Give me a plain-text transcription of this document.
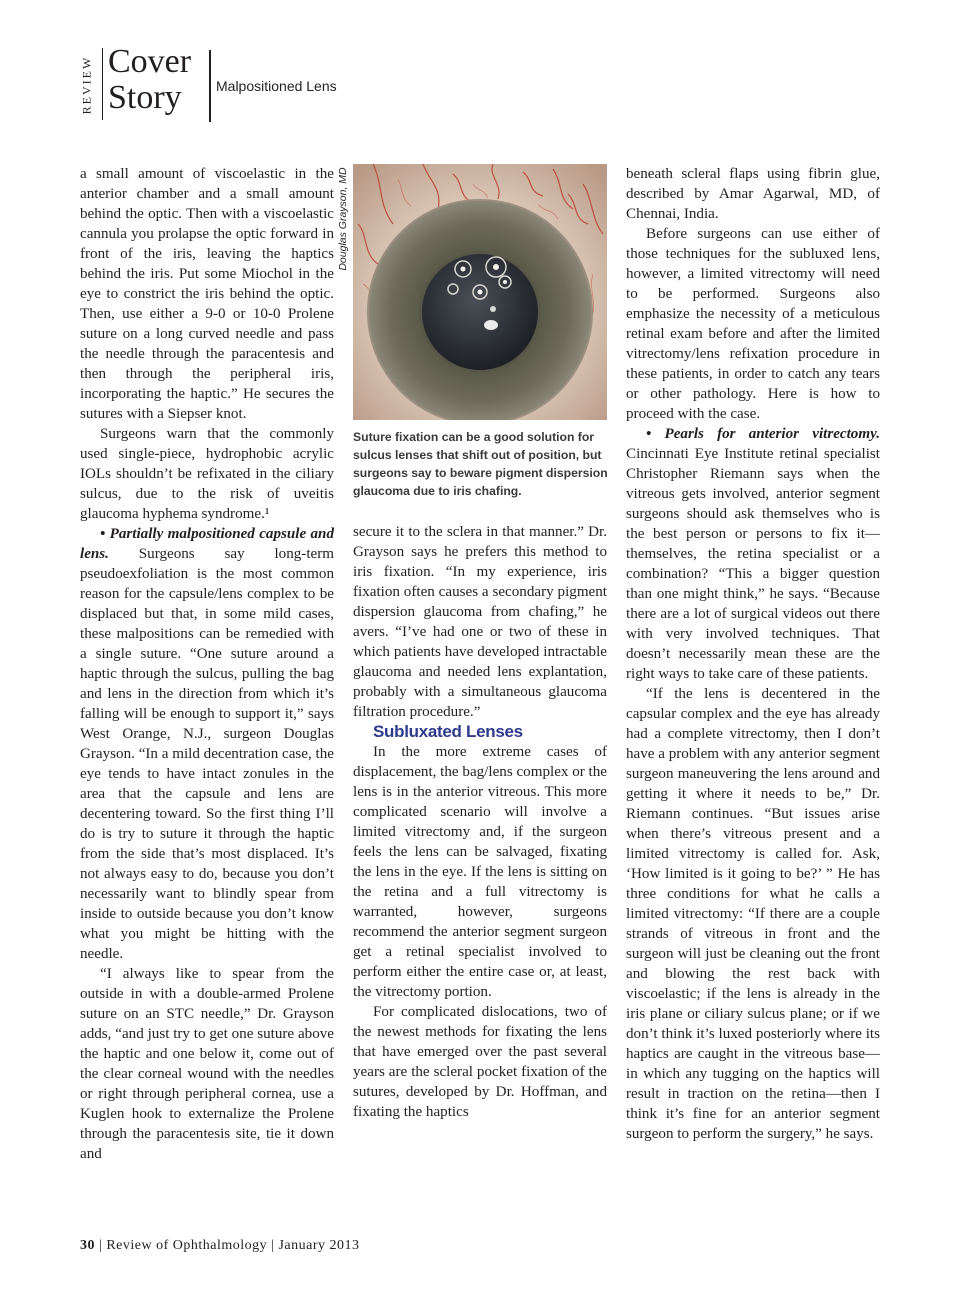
REVIEW Cover
Story	Malpositioned Lens

a small amount of viscoelastic in the anterior chamber and a small amount behind the optic. Then with a viscoelastic cannula you prolapse the optic forward in front of the iris, leaving the haptics behind the iris. Put some Miochol in the eye to constrict the iris behind the optic. Then, use either a 9-0 or 10-0 Prolene suture on a long curved needle and pass the needle through the paracentesis and then through the peripheral iris, incorporating the haptic.” He secures the sutures with a Siepser knot.

Surgeons warn that the commonly used single-piece, hydrophobic acrylic IOLs shouldn’t be refixated in the ciliary sulcus, due to the risk of uveitis glaucoma hyphema syndrome.¹

• Partially malpositioned capsule and lens. Surgeons say long-term pseudoexfoliation is the most common reason for the capsule/lens complex to be displaced but that, in some mild cases, these malpositions can be remedied with a single suture. “One suture around a haptic through the sulcus, pulling the bag and lens in the direction from which it’s falling will be enough to support it,” says West Orange, N.J., surgeon Douglas Grayson. “In a mild decentration case, the eye tends to have intact zonules in the area that the capsule and lens are decentering toward. So the first thing I’ll do is try to suture it through the haptic from the side that’s most displaced. It’s not always easy to do, because you don’t necessarily want to blindly spear from inside to outside because you don’t know what you might be hitting with the needle.

“I always like to spear from the outside in with a double-armed Prolene suture on an STC needle,” Dr. Grayson adds, “and just try to get one suture above the haptic and one below it, come out of the clear corneal wound with the needles or right through peripheral cornea, use a Kuglen hook to externalize the Prolene through the paracentesis site, tie it down and

Douglas Grayson, MD
Suture fixation can be a good solution for sulcus lenses that shift out of position, but surgeons say to beware pigment dispersion glaucoma due to iris chafing.

secure it to the sclera in that manner.” Dr. Grayson says he prefers this method to iris fixation. “In my experience, iris fixation often causes a secondary pigment dispersion glaucoma from chafing,” he avers. “I’ve had one or two of these in which patients have developed intractable glaucoma and needed lens explantation, probably with a simultaneous glaucoma filtration procedure.”

Subluxated Lenses

In the more extreme cases of displacement, the bag/lens complex or the lens is in the anterior vitreous. This more complicated scenario will involve a limited vitrectomy and, if the surgeon feels the lens can be salvaged, fixating the lens in the eye. If the lens is sitting on the retina and a full vitrectomy is warranted, however, surgeons recommend the anterior segment surgeon get a retinal specialist involved to perform either the entire case or, at least, the vitrectomy portion.

For complicated dislocations, two of the newest methods for fixating the lens that have emerged over the past several years are the scleral pocket fixation of the sutures, developed by Dr. Hoffman, and fixating the haptics

beneath scleral flaps using fibrin glue, described by Amar Agarwal, MD, of Chennai, India.

Before surgeons can use either of those techniques for the subluxed lens, however, a limited vitrectomy will need to be performed. Surgeons also emphasize the necessity of a meticulous retinal exam before and after the limited vitrectomy/lens refixation procedure in these patients, in order to catch any tears or other pathology. Here is how to proceed with the case.

• Pearls for anterior vitrectomy. Cincinnati Eye Institute retinal specialist Christopher Riemann says when the vitreous gets involved, anterior segment surgeons should ask themselves who is the best person or persons to fix it—themselves, the retina specialist or a combination? “This a bigger question than one might think,” he says. “Because there are a lot of surgical videos out there with very involved techniques. That doesn’t necessarily mean these are the right ways to take care of these patients.

“If the lens is decentered in the capsular complex and the eye has already had a complete vitrectomy, then I don’t have a problem with any anterior segment surgeon maneuvering the lens around and getting it where it needs to be,” Dr. Riemann continues. “But issues arise when there’s vitreous present and a limited vitrectomy is called for. Ask, ‘How limited is it going to be?’ ” He has three conditions for what he calls a limited vitrectomy: “If there are a couple strands of vitreous in front and the surgeon will just be cleaning out the front and blowing the rest back with viscoelastic; if the lens is already in the iris plane or ciliary sulcus plane; or if we don’t think it’s luxed posteriorly where its haptics are caught in the vitreous base—in which any tugging on the haptics will result in traction on the retina—then I think it’s fine for an anterior segment surgeon to perform the surgery,” he says.

30 | Review of Ophthalmology | January 2013
